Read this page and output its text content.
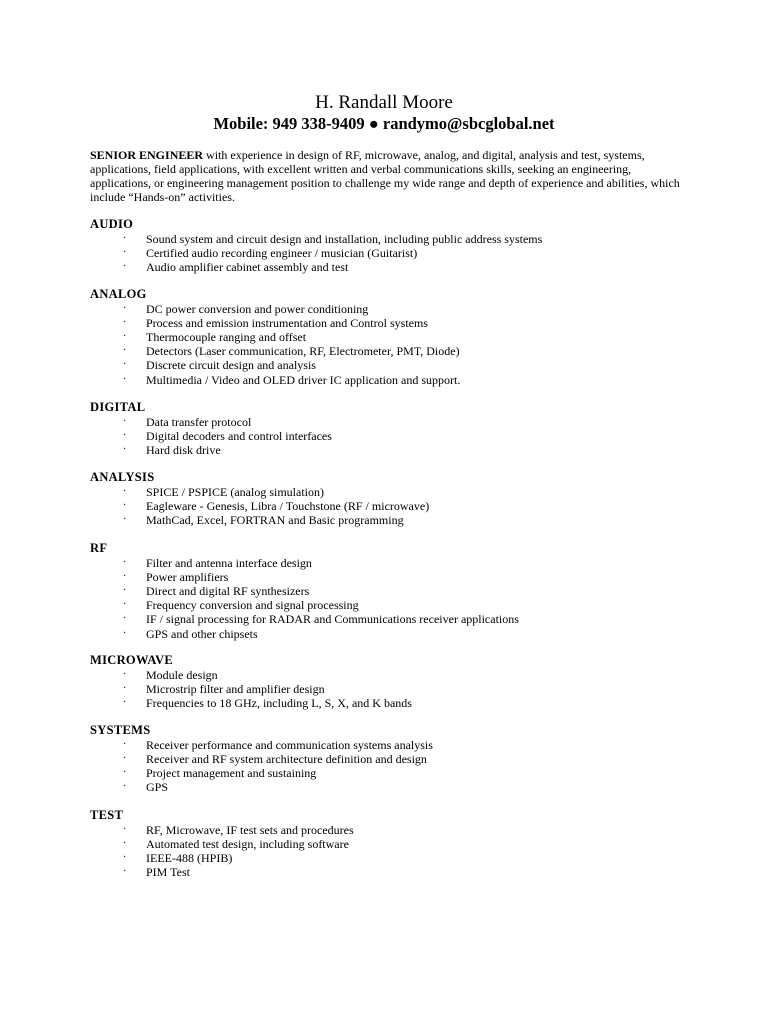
H. Randall Moore
Mobile: 949 338-9409 ● randymo@sbcglobal.net
SENIOR ENGINEER with experience in design of RF, microwave, analog, and digital, analysis and test, systems, applications, field applications, with excellent written and verbal communications skills, seeking an engineering, applications, or engineering management position to challenge my wide range and depth of experience and abilities, which include “Hands-on” activities.
AUDIO
· Sound system and circuit design and installation, including public address systems
· Certified audio recording engineer / musician (Guitarist)
· Audio amplifier cabinet assembly and test
ANALOG
· DC power conversion and power conditioning
· Process and emission instrumentation and Control systems
· Thermocouple ranging and offset
· Detectors (Laser communication, RF, Electrometer, PMT, Diode)
· Discrete circuit design and analysis
· Multimedia / Video and OLED driver IC application and support.
DIGITAL
· Data transfer protocol
· Digital decoders and control interfaces
· Hard disk drive
ANALYSIS
· SPICE / PSPICE (analog simulation)
· Eagleware - Genesis, Libra / Touchstone (RF / microwave)
· MathCad, Excel, FORTRAN and Basic programming
RF
· Filter and antenna interface design
· Power amplifiers
· Direct and digital RF synthesizers
· Frequency conversion and signal processing
· IF / signal processing for RADAR and Communications receiver applications
· GPS and other chipsets
MICROWAVE
· Module design
· Microstrip filter and amplifier design
· Frequencies to 18 GHz, including L, S, X, and K bands
SYSTEMS
· Receiver performance and communication systems analysis
· Receiver and RF system architecture definition and design
· Project management and sustaining
· GPS
TEST
· RF, Microwave, IF test sets and procedures
· Automated test design, including software
· IEEE-488 (HPIB)
· PIM Test
